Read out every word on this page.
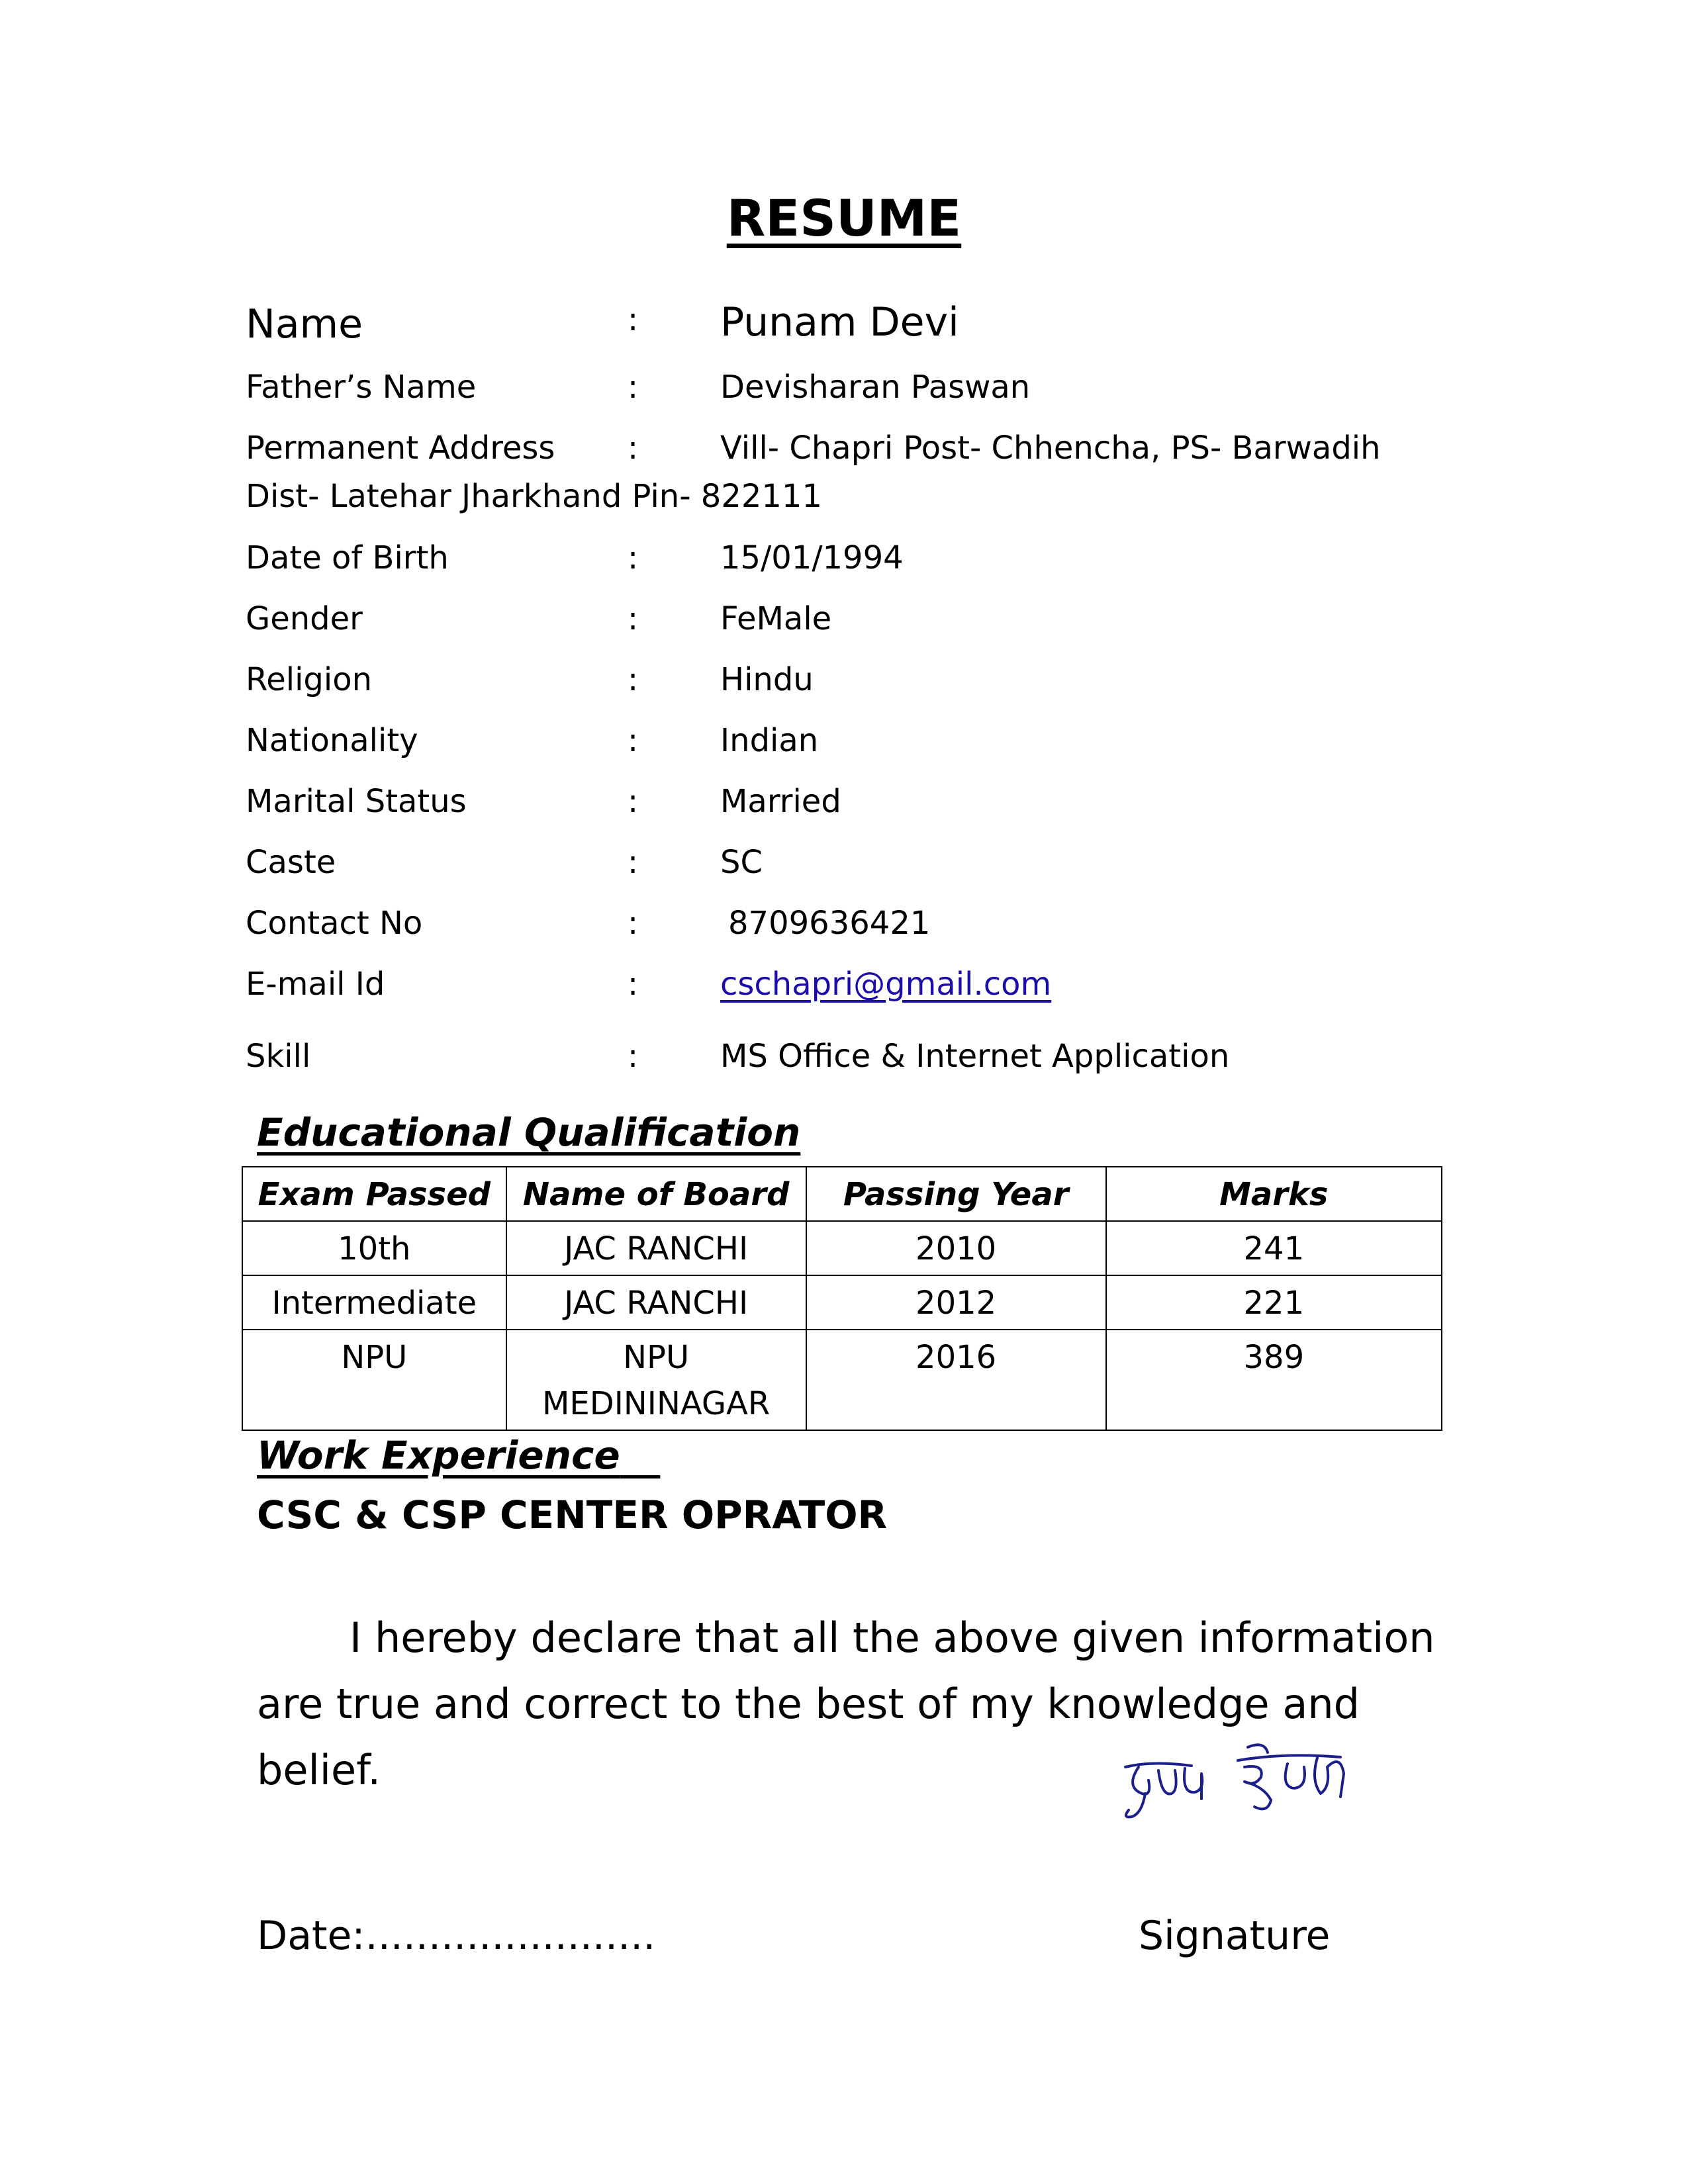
RESUME
Name	: Punam Devi
Father’s Name	:	Devisharan Paswan
Permanent Address :	Vill- Chapri Post- Chhencha, PS- Barwadih
Dist- Latehar Jharkhand Pin- 822111
Date of Birth	:	15/01/1994
Gender	:	FeMale
Religion	:	Hindu
Nationality	:	Indian
Marital Status	:	Married
Caste	:	SC
Contact No	:	8709636421
E-mail Id	:	cschapri@gmail.com
Skill	:	MS Office & Internet Application
Educational Qualification
Exam Passed	Name of Board	Passing Year	Marks
10th	JAC RANCHI	2010	241
Intermediate	JAC RANCHI	2012	221
NPU	NPU MEDININAGAR	2016	389
Work Experience
CSC & CSP CENTER OPRATOR

I hereby declare that all the above given information are true and correct to the best of my knowledge and belief.

Date:.......................	Signature
